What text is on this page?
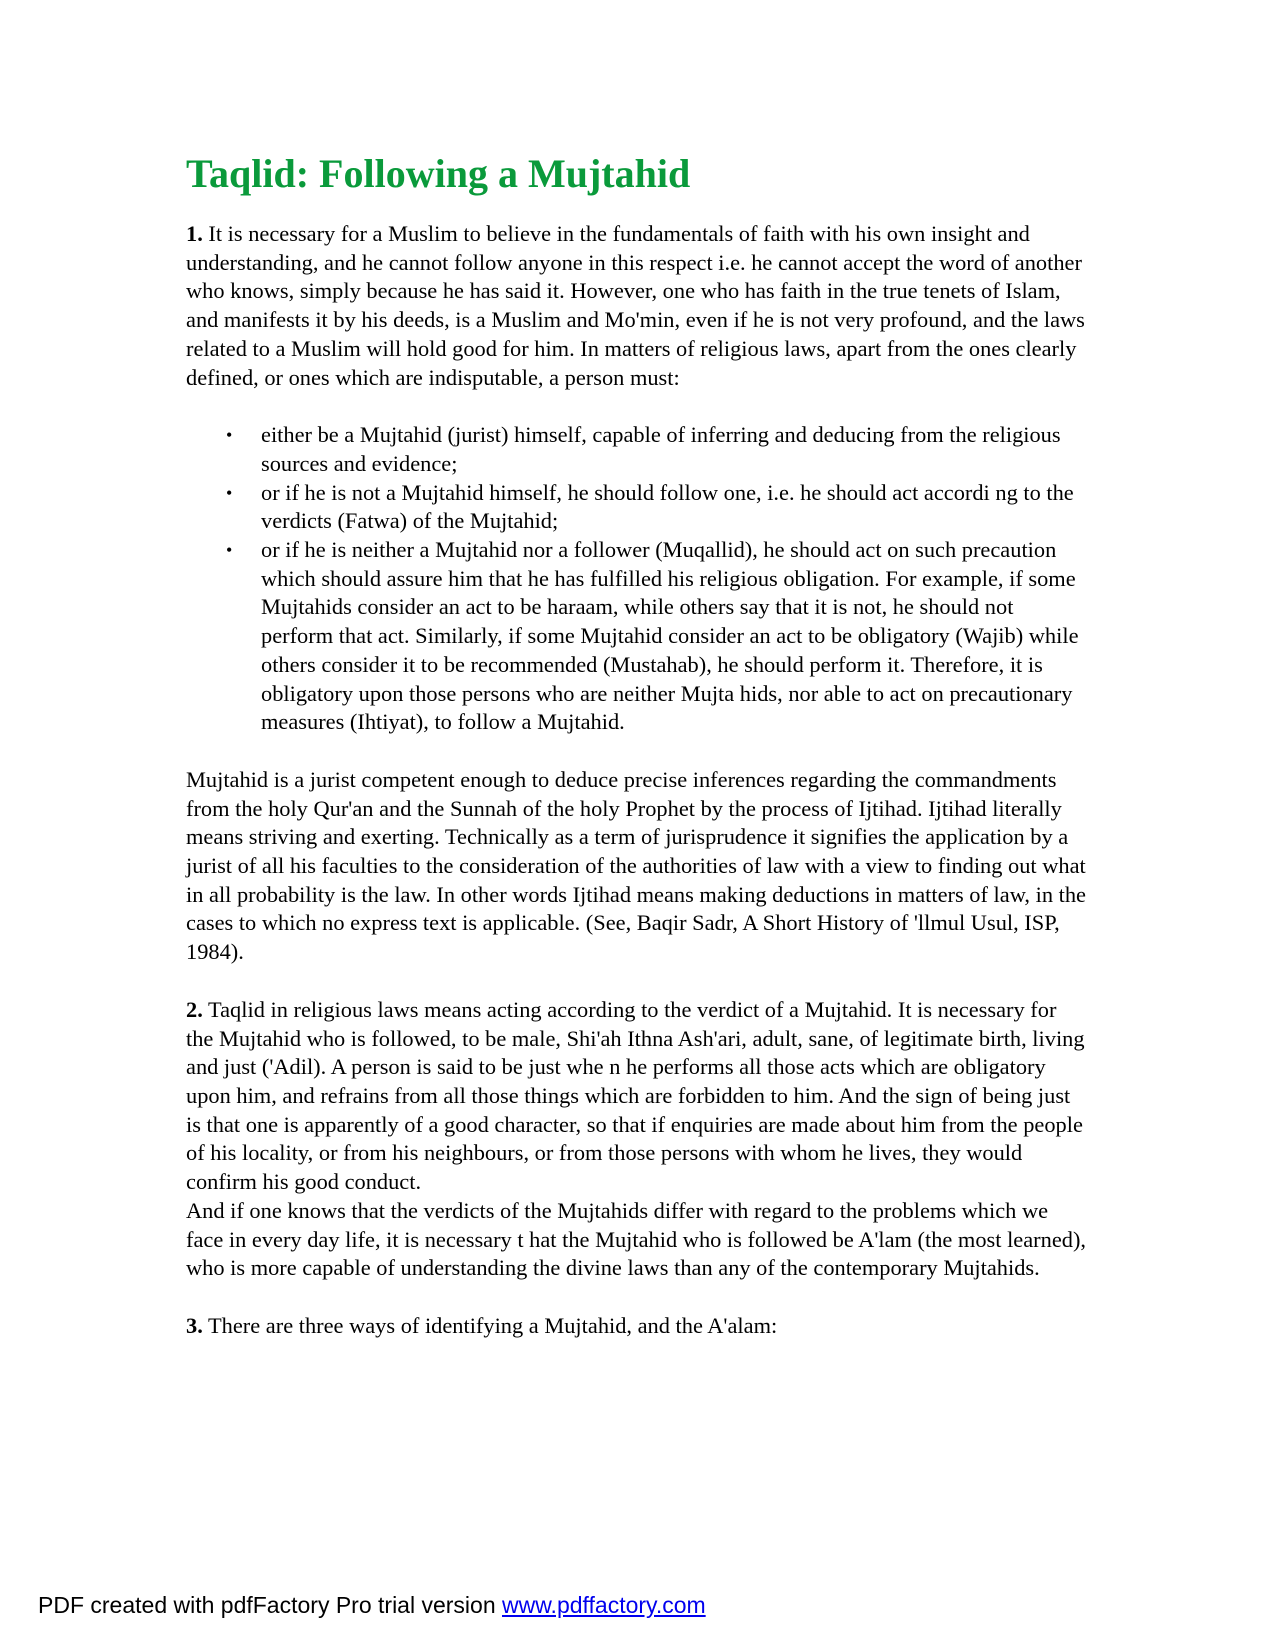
Taqlid: Following a Mujtahid

1. It is necessary for a Muslim to believe in the fundamentals of faith with his own insight and understanding, and he cannot follow anyone in this respect i.e. he cannot accept the word of another who knows, simply because he has said it. However, one who has faith in the true tenets of Islam, and manifests it by his deeds, is a Muslim and Mo'min, even if he is not very profound, and the laws related to a Muslim will hold good for him. In matters of religious laws, apart from the ones clearly defined, or ones which are indisputable, a person must:

• either be a Mujtahid (jurist) himself, capable of inferring and deducing from the religious sources and evidence;
• or if he is not a Mujtahid himself, he should follow one, i.e. he should act accordi ng to the verdicts (Fatwa) of the Mujtahid;
• or if he is neither a Mujtahid nor a follower (Muqallid), he should act on such precaution which should assure him that he has fulfilled his religious obligation. For example, if some Mujtahids consider an act to be haraam, while others say that it is not, he should not perform that act. Similarly, if some Mujtahid consider an act to be obligatory (Wajib) while others consider it to be recommended (Mustahab), he should perform it. Therefore, it is obligatory upon those persons who are neither Mujta hids, nor able to act on precautionary measures (Ihtiyat), to follow a Mujtahid.

Mujtahid is a jurist competent enough to deduce precise inferences regarding the commandments from the holy Qur'an and the Sunnah of the holy Prophet by the process of Ijtihad. Ijtihad literally means striving and exerting. Technically as a term of jurisprudence it signifies the application by a jurist of all his faculties to the consideration of the authorities of law with a view to finding out what in all probability is the law. In other words Ijtihad means making deductions in matters of law, in the cases to which no express text is applicable. (See, Baqir Sadr, A Short History of 'llmul Usul, ISP, 1984).

2. Taqlid in religious laws means acting according to the verdict of a Mujtahid. It is necessary for the Mujtahid who is followed, to be male, Shi'ah Ithna Ash'ari, adult, sane, of legitimate birth, living and just ('Adil). A person is said to be just whe n he performs all those acts which are obligatory upon him, and refrains from all those things which are forbidden to him. And the sign of being just is that one is apparently of a good character, so that if enquiries are made about him from the people of his locality, or from his neighbours, or from those persons with whom he lives, they would confirm his good conduct.

And if one knows that the verdicts of the Mujtahids differ with regard to the problems which we face in every day life, it is necessary t hat the Mujtahid who is followed be A'lam (the most learned), who is more capable of understanding the divine laws than any of the contemporary Mujtahids.

3. There are three ways of identifying a Mujtahid, and the A'alam:

PDF created with pdfFactory Pro trial version www.pdffactory.com
